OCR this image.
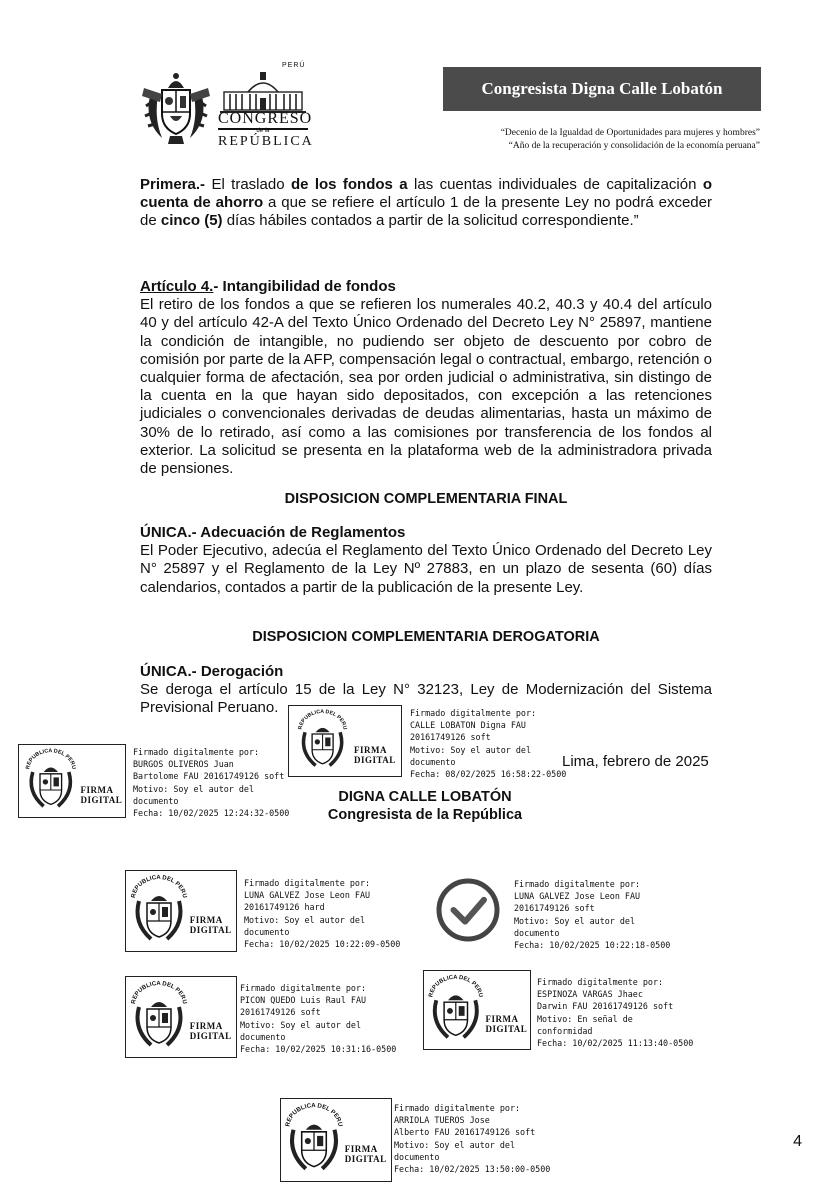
PERÚ
CONGRESO
de la
REPÚBLICA
Congresista Digna Calle Lobatón
“Decenio de la Igualdad de Oportunidades para mujeres y hombres”
“Año de la recuperación y consolidación de la economía peruana”
Primera.- El traslado de los fondos a las cuentas individuales de capitalización o cuenta de ahorro a que se refiere el artículo 1 de la presente Ley no podrá exceder de cinco (5) días hábiles contados a partir de la solicitud correspondiente.”
Artículo 4.- Intangibilidad de fondos
El retiro de los fondos a que se refieren los numerales 40.2, 40.3 y 40.4 del artículo 40 y del artículo 42-A del Texto Único Ordenado del Decreto Ley N° 25897, mantiene la condición de intangible, no pudiendo ser objeto de descuento por cobro de comisión por parte de la AFP, compensación legal o contractual, embargo, retención o cualquier forma de afectación, sea por orden judicial o administrativa, sin distingo de la cuenta en la que hayan sido depositados, con excepción a las retenciones judiciales o convencionales derivadas de deudas alimentarias, hasta un máximo de 30% de lo retirado, así como a las comisiones por transferencia de los fondos al exterior. La solicitud se presenta en la plataforma web de la administradora privada de pensiones.
DISPOSICION COMPLEMENTARIA FINAL
ÚNICA.- Adecuación de Reglamentos
El Poder Ejecutivo, adecúa el Reglamento del Texto Único Ordenado del Decreto Ley N° 25897 y el Reglamento de la Ley Nº 27883, en un plazo de sesenta (60) días calendarios, contados a partir de la publicación de la presente Ley.
DISPOSICION COMPLEMENTARIA DEROGATORIA
ÚNICA.- Derogación
Se deroga el artículo 15 de la Ley N° 32123, Ley de Modernización del Sistema
Previsional Peruano.
Lima, febrero de 2025
DIGNA CALLE LOBATÓN
Congresista de la República
REPUBLICA DEL PERU
FIRMA
DIGITAL
Firmado digitalmente por:
CALLE LOBATON Digna FAU
20161749126 soft
Motivo: Soy el autor del
documento
Fecha: 08/02/2025 16:58:22-0500
REPUBLICA DEL PERU
FIRMA
DIGITAL
Firmado digitalmente por:
BURGOS OLIVEROS Juan
Bartolome FAU 20161749126 soft
Motivo: Soy el autor del
documento
Fecha: 10/02/2025 12:24:32-0500
REPUBLICA DEL PERU
FIRMA
DIGITAL
Firmado digitalmente por:
LUNA GALVEZ Jose Leon FAU
20161749126 hard
Motivo: Soy el autor del
documento
Fecha: 10/02/2025 10:22:09-0500
Firmado digitalmente por:
LUNA GALVEZ Jose Leon FAU
20161749126 soft
Motivo: Soy el autor del
documento
Fecha: 10/02/2025 10:22:18-0500
REPUBLICA DEL PERU
FIRMA
DIGITAL
Firmado digitalmente por:
PICON QUEDO Luis Raul FAU
20161749126 soft
Motivo: Soy el autor del
documento
Fecha: 10/02/2025 10:31:16-0500
REPUBLICA DEL PERU
FIRMA
DIGITAL
Firmado digitalmente por:
ESPINOZA VARGAS Jhaec
Darwin FAU 20161749126 soft
Motivo: En señal de
conformidad
Fecha: 10/02/2025 11:13:40-0500
REPUBLICA DEL PERU
FIRMA
DIGITAL
Firmado digitalmente por:
ARRIOLA TUEROS Jose
Alberto FAU 20161749126 soft
Motivo: Soy el autor del
documento
Fecha: 10/02/2025 13:50:00-0500
4
